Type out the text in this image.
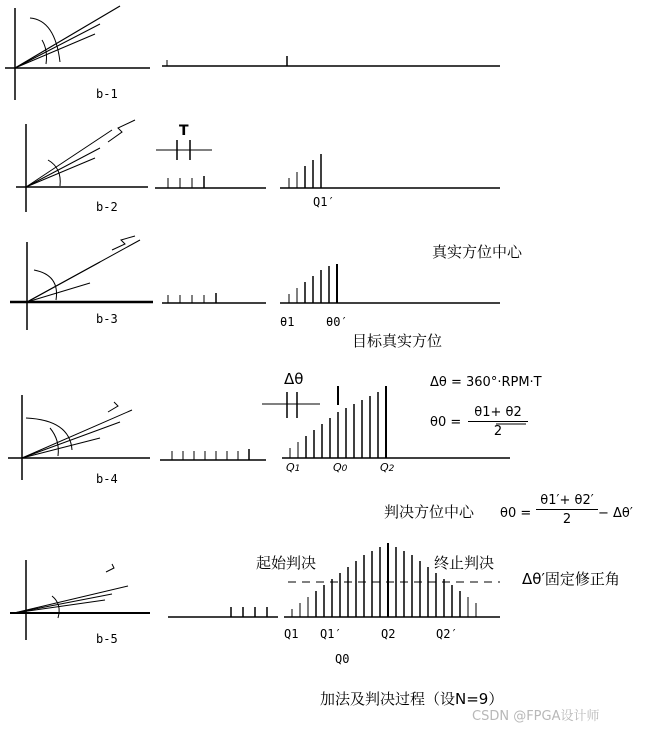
b-1
b-2
b-3
b-4
b-5
T
Q1′
真实方位中心
θ1	θ0′
目标真实方位
Δθ	Δθ = 360°·RPM·T
$\theta 0 = \frac{\theta 1+ \theta 2}{2}$
Q1	Q0	Q2
判决方位中心 $\theta 0 = \frac{\theta 1'+ \theta 2'}{2} - \Delta\theta'$
起始判决	终止判决
Δθ′固定修正角
Q1 Q1′	Q2	Q2′
Q0
加法及判决过程（设N=9）
CSDN @FPGA设计师
